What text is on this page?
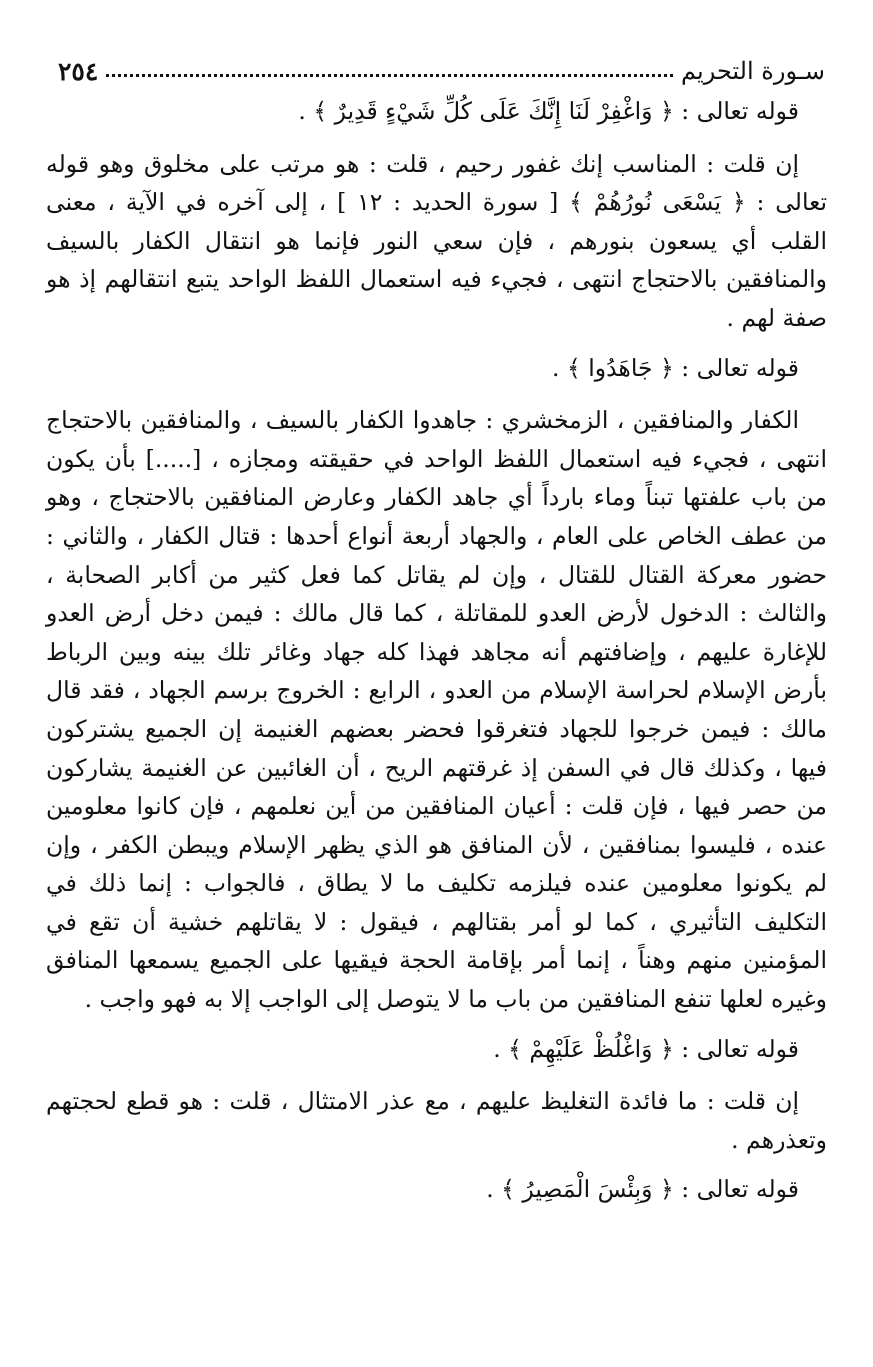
٢٥٤	سـورة التحريم

قوله تعالى : ﴿ وَاغْفِرْ لَنَا إِنَّكَ عَلَى كُلِّ شَيْءٍ قَدِيرٌ ﴾ .

إن قلت : المناسب إنك غفور رحيم ، قلت : هو مرتب على مخلوق وهو قوله تعالى : ﴿ يَسْعَى نُورُهُمْ ﴾ [ سورة الحديد : ١٢ ] ، إلى آخره في الآية ، معنى القلب أي يسعون بنورهم ، فإن سعي النور فإنما هو انتقال الكفار بالسيف والمنافقين بالاحتجاج انتهى ، فجيء فيه استعمال اللفظ الواحد يتبع انتقالهم إذ هو صفة لهم .

قوله تعالى : ﴿ جَاهَدُوا ﴾ .

الكفار والمنافقين ، الزمخشري : جاهدوا الكفار بالسيف ، والمنافقين بالاحتجاج انتهى ، فجيء فيه استعمال اللفظ الواحد في حقيقته ومجازه ، [.....] بأن يكون من باب علفتها تبناً وماء بارداً أي جاهد الكفار وعارض المنافقين بالاحتجاج ، وهو من عطف الخاص على العام ، والجهاد أربعة أنواع أحدها : قتال الكفار ، والثاني : حضور معركة القتال للقتال ، وإن لم يقاتل كما فعل كثير من أكابر الصحابة ، والثالث : الدخول لأرض العدو للمقاتلة ، كما قال مالك : فيمن دخل أرض العدو للإغارة عليهم ، وإضافتهم أنه مجاهد فهذا كله جهاد وغائر تلك بينه وبين الرباط بأرض الإسلام لحراسة الإسلام من العدو ، الرابع : الخروج برسم الجهاد ، فقد قال مالك : فيمن خرجوا للجهاد فتغرقوا فحضر بعضهم الغنيمة إن الجميع يشتركون فيها ، وكذلك قال في السفن إذ غرقتهم الريح ، أن الغائبين عن الغنيمة يشاركون من حصر فيها ، فإن قلت : أعيان المنافقين من أين نعلمهم ، فإن كانوا معلومين عنده ، فليسوا بمنافقين ، لأن المنافق هو الذي يظهر الإسلام ويبطن الكفر ، وإن لم يكونوا معلومين عنده فيلزمه تكليف ما لا يطاق ، فالجواب : إنما ذلك في التكليف التأثيري ، كما لو أمر بقتالهم ، فيقول : لا يقاتلهم خشية أن تقع في المؤمنين منهم وهناً ، إنما أمر بإقامة الحجة فيقيها على الجميع يسمعها المنافق وغيره لعلها تنفع المنافقين من باب ما لا يتوصل إلى الواجب إلا به فهو واجب .

قوله تعالى : ﴿ وَاغْلُظْ عَلَيْهِمْ ﴾ .

إن قلت : ما فائدة التغليظ عليهم ، مع عذر الامتثال ، قلت : هو قطع لحجتهم وتعذرهم .

قوله تعالى : ﴿ وَبِئْسَ الْمَصِيرُ ﴾ .
